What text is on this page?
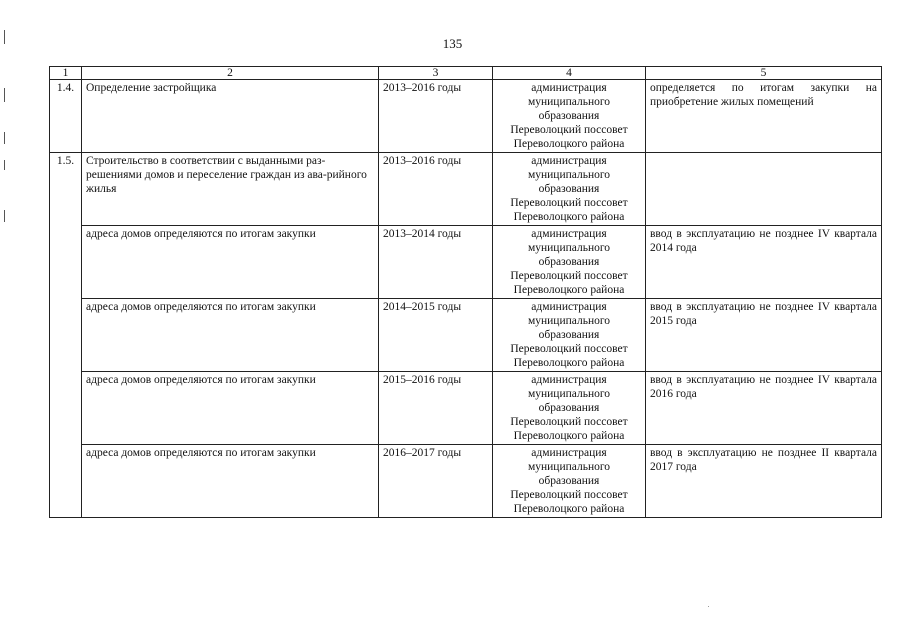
135
1	2	3	4	5
1.4.	Определение застройщика	2013–2016 годы	администрация
муниципального
образования
Переволоцкий поссовет
Переволоцкого района	определяется по итогам закупки на приобретение жилых помещений
1.5.	Строительство в соответствии с выданными раз-решениями домов и переселение граждан из ава-рийного жилья	2013–2016 годы	администрация
муниципального
образования
Переволоцкий поссовет
Переволоцкого района	

	адреса домов определяются по итогам закупки	2013–2014 годы	администрация
муниципального
образования
Переволоцкий поссовет
Переволоцкого района	ввод в эксплуатацию не позднее IV квартала 2014 года
	адреса домов определяются по итогам закупки	2014–2015 годы	администрация
муниципального
образования
Переволоцкий поссовет
Переволоцкого района	ввод в эксплуатацию не позднее IV квартала 2015 года
	адреса домов определяются по итогам закупки	2015–2016 годы	администрация
муниципального
образования
Переволоцкий поссовет
Переволоцкого района	ввод в эксплуатацию не позднее IV квартала 2016 года
	адреса домов определяются по итогам закупки	2016–2017 годы	администрация
муниципального
образования
Переволоцкий поссовет
Переволоцкого района	ввод в эксплуатацию не позднее II квартала 2017 года
